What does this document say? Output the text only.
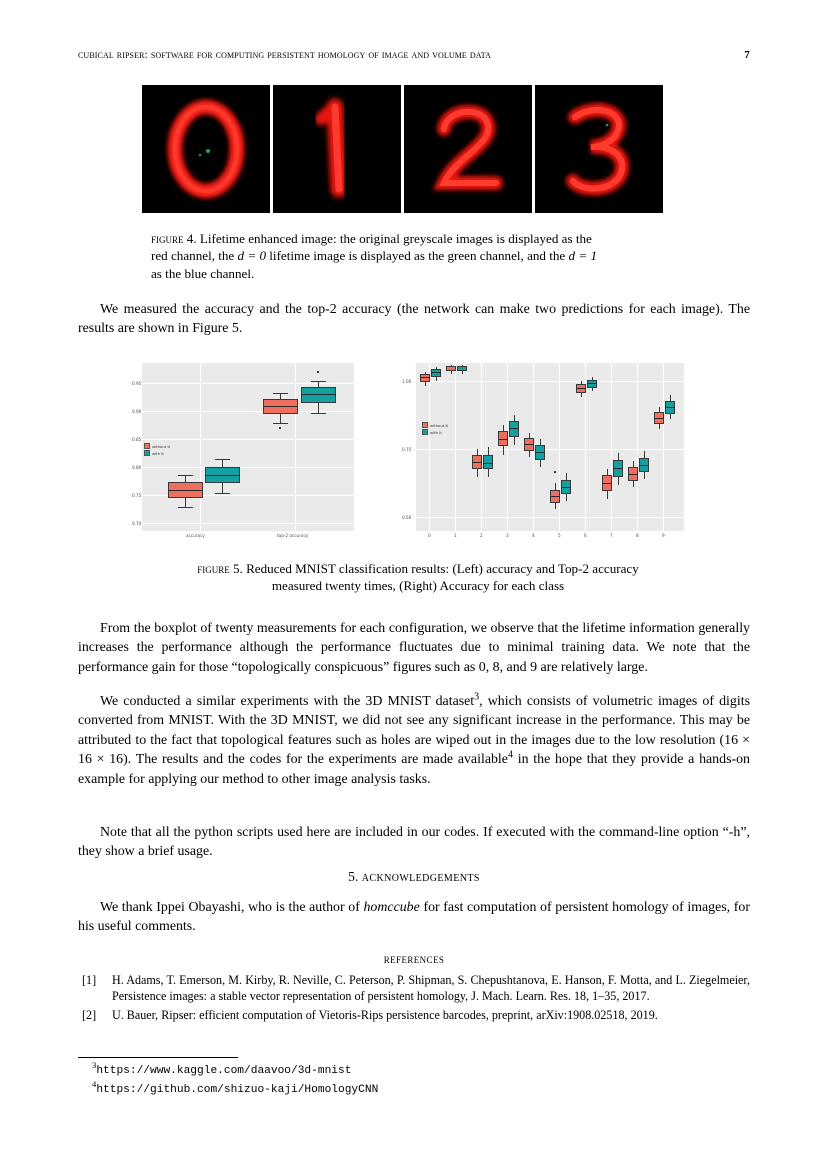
cubical ripser: software for computing persistent homology of image and volume data	7
figure 4. Lifetime enhanced image: the original greyscale images is displayed as the
red channel, the d = 0 lifetime image is displayed as the green channel, and the d = 1
as the blue channel.
We measured the accuracy and the top-2 accuracy (the network can make two predictions for each image). The results are shown in Figure 5.
0.70
0.75
0.80
0.85
0.90
0.95
accuracy	top-2 accuracy
without lt
with lt
0.50
0.75
1.00
0	1	2	3	4	5	6	7	8	9
without lt
with lt
figure 5. Reduced MNIST classification results: (Left) accuracy and Top-2 accuracy
measured twenty times, (Right) Accuracy for each class
From the boxplot of twenty measurements for each configuration, we observe that the lifetime information generally increases the performance although the performance fluctuates due to minimal training data. We note that the performance gain for those “topologically conspicuous” figures such as 0, 8, and 9 are relatively large.
We conducted a similar experiments with the 3D MNIST dataset$^3$, which consists of volumetric images of digits converted from MNIST. With the 3D MNIST, we did not see any significant increase in the performance. This may be attributed to the fact that topological features such as holes are wiped out in the images due to the low resolution (16 × 16 × 16). The results and the codes for the experiments are made available$^4$ in the hope that they provide a hands-on example for applying our method to other image analysis tasks.
Note that all the python scripts used here are included in our codes. If executed with the command-line option “-h”, they show a brief usage.
5. acknowledgements
We thank Ippei Obayashi, who is the author of homccube for fast computation of persistent homology of images, for his useful comments.
references
[1] H. Adams, T. Emerson, M. Kirby, R. Neville, C. Peterson, P. Shipman, S. Chepushtanova, E. Hanson, F. Motta, and L. Ziegelmeier, Persistence images: a stable vector representation of persistent homology, J. Mach. Learn. Res. 18, 1–35, 2017.
[2] U. Bauer, Ripser: efficient computation of Vietoris-Rips persistence barcodes, preprint, arXiv:1908.02518, 2019.
$^3$https://www.kaggle.com/daavoo/3d-mnist
$^4$https://github.com/shizuo-kaji/HomologyCNN
